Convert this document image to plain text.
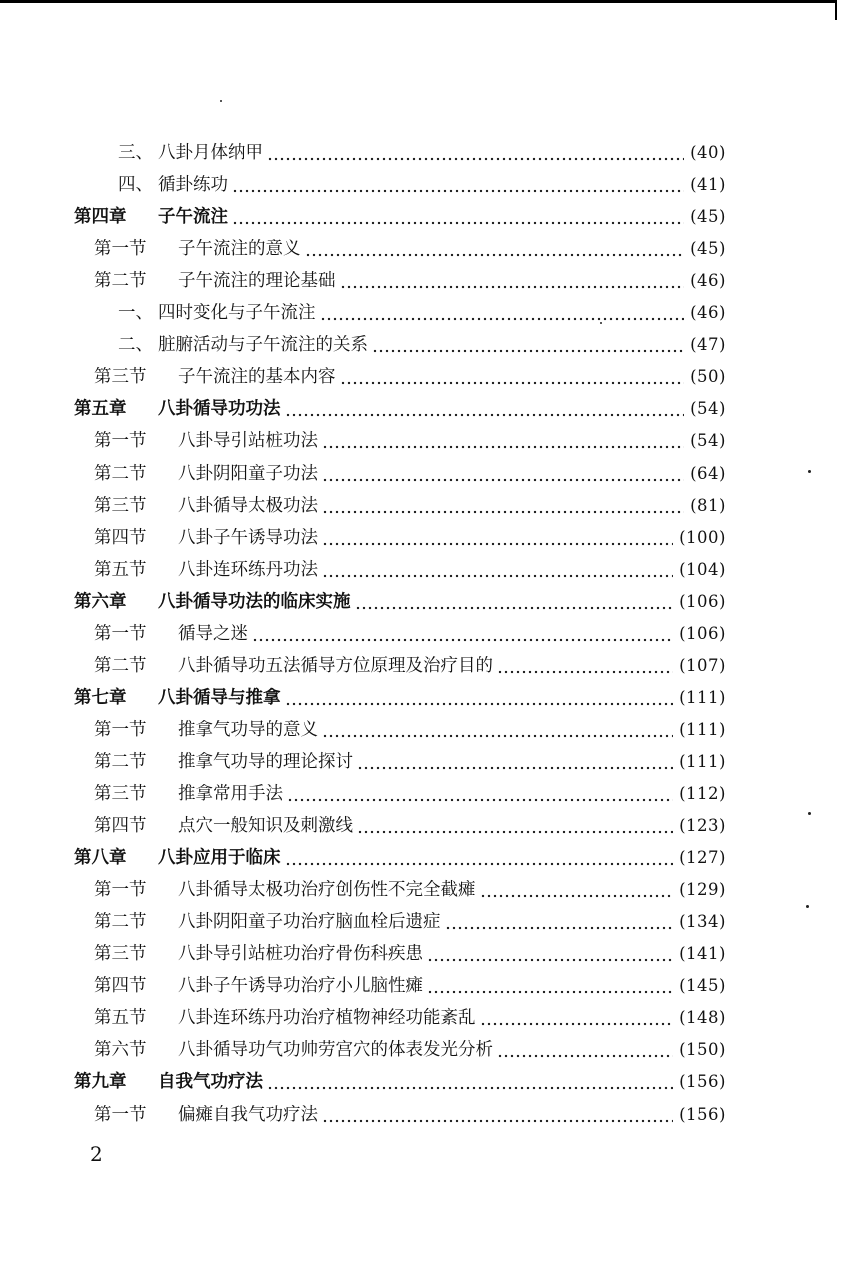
三、 八卦月体纳甲	(40)
四、 循卦练功	(41)
第四章	子午流注	(45)
第一节	子午流注的意义	(45)
第二节	子午流注的理论基础	(46)
一、 四时变化与子午流注	(46)
二、 脏腑活动与子午流注的关系	(47)
第三节	子午流注的基本内容	(50)
第五章	八卦循导功功法	(54)
第一节	八卦导引站桩功法	(54)
第二节	八卦阴阳童子功法	(64)
第三节	八卦循导太极功法	(81)
第四节	八卦子午诱导功法	(100)
第五节	八卦连环练丹功法	(104)
第六章	八卦循导功法的临床实施	(106)
第一节	循导之迷	(106)
第二节	八卦循导功五法循导方位原理及治疗目的	(107)
第七章	八卦循导与推拿	(111)
第一节	推拿气功导的意义	(111)
第二节	推拿气功导的理论探讨	(111)
第三节	推拿常用手法	(112)
第四节	点穴一般知识及刺激线	(123)
第八章	八卦应用于临床	(127)
第一节	八卦循导太极功治疗创伤性不完全截瘫	(129)
第二节	八卦阴阳童子功治疗脑血栓后遗症	(134)
第三节	八卦导引站桩功治疗骨伤科疾患	(141)
第四节	八卦子午诱导功治疗小儿脑性瘫	(145)
第五节	八卦连环练丹功治疗植物神经功能紊乱	(148)
第六节	八卦循导功气功帅劳宫穴的体表发光分析	(150)
第九章	自我气功疗法	(156)
第一节	偏瘫自我气功疗法	(156)
2
